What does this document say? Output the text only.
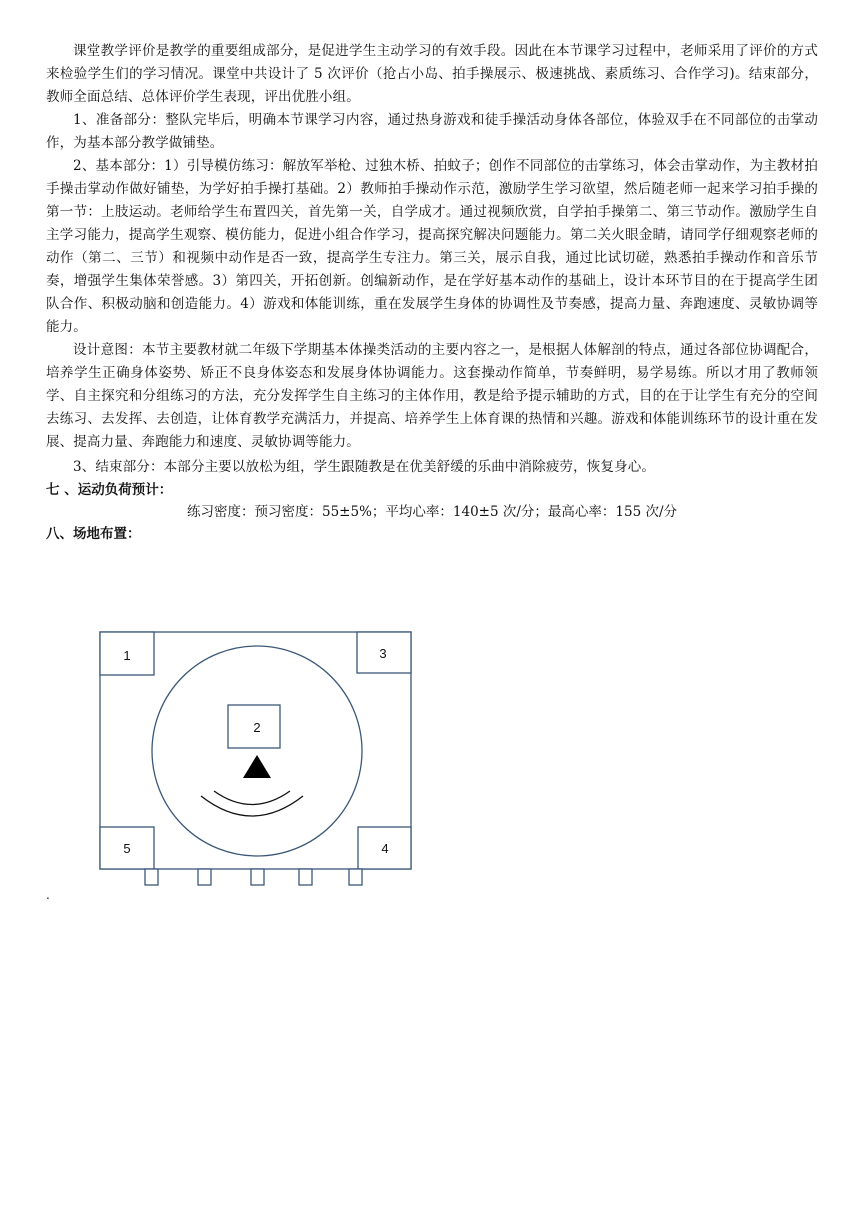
课堂教学评价是教学的重要组成部分，是促进学生主动学习的有效手段。因此在本节课学习过程中，老师采用了评价的方式来检验学生们的学习情况。课堂中共设计了 5 次评价（抢占小岛、拍手操展示、极速挑战、素质练习、合作学习)。结束部分，教师全面总结、总体评价学生表现，评出优胜小组。

1、准备部分：整队完毕后，明确本节课学习内容，通过热身游戏和徒手操活动身体各部位，体验双手在不同部位的击掌动作，为基本部分教学做铺垫。

2、基本部分：1）引导模仿练习：解放军举枪、过独木桥、拍蚊子；创作不同部位的击掌练习，体会击掌动作，为主教材拍手操击掌动作做好铺垫，为学好拍手操打基础。2）教师拍手操动作示范，激励学生学习欲望，然后随老师一起来学习拍手操的第一节：上肢运动。老师给学生布置四关，首先第一关，自学成才。通过视频欣赏，自学拍手操第二、第三节动作。激励学生自主学习能力，提高学生观察、模仿能力，促进小组合作学习，提高探究解决问题能力。第二关火眼金睛，请同学仔细观察老师的动作（第二、三节）和视频中动作是否一致，提高学生专注力。第三关，展示自我，通过比试切磋，熟悉拍手操动作和音乐节奏，增强学生集体荣誉感。3）第四关，开拓创新。创编新动作，是在学好基本动作的基础上，设计本环节目的在于提高学生团队合作、积极动脑和创造能力。4）游戏和体能训练，重在发展学生身体的协调性及节奏感，提高力量、奔跑速度、灵敏协调等能力。

设计意图：本节主要教材就二年级下学期基本体操类活动的主要内容之一，是根据人体解剖的特点，通过各部位协调配合，培养学生正确身体姿势、矫正不良身体姿态和发展身体协调能力。这套操动作简单，节奏鲜明，易学易练。所以才用了教师领学、自主探究和分组练习的方法，充分发挥学生自主练习的主体作用，教是给予提示辅助的方式，目的在于让学生有充分的空间去练习、去发挥、去创造，让体育教学充满活力，并提高、培养学生上体育课的热情和兴趣。游戏和体能训练环节的设计重在发展、提高力量、奔跑能力和速度、灵敏协调等能力。

3、结束部分：本部分主要以放松为组，学生跟随教是在优美舒缓的乐曲中消除疲劳，恢复身心。

七 、运动负荷预计：

练习密度：预习密度：55±5%；平均心率：140±5 次/分；最高心率：155 次/分

八、场地布置：

1
2
3
4
5
.
